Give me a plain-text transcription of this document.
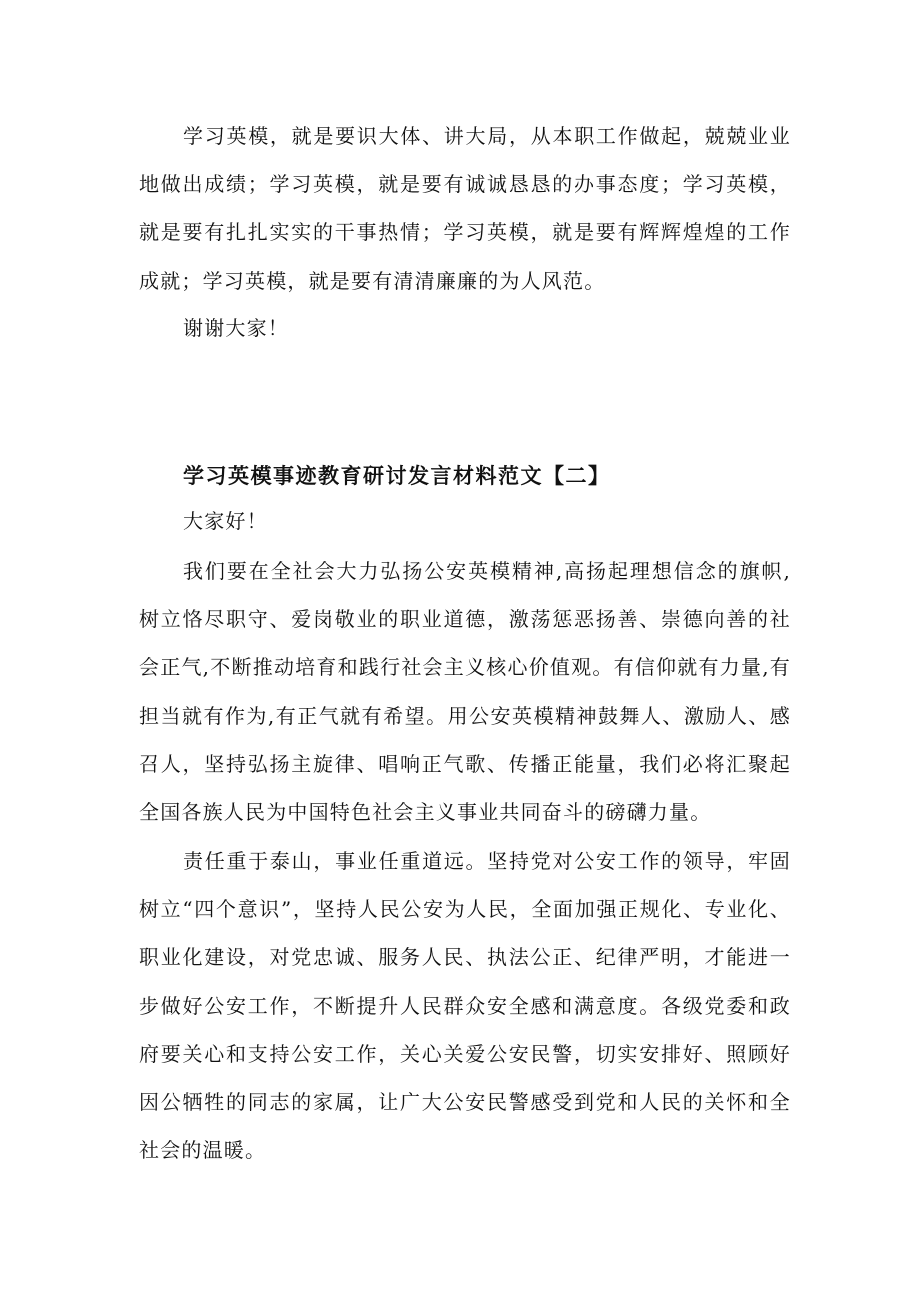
学习英模，就是要识大体、讲大局，从本职工作做起，兢兢业业地做出成绩；学习英模，就是要有诚诚恳恳的办事态度；学习英模，就是要有扎扎实实的干事热情；学习英模，就是要有辉辉煌煌的工作成就；学习英模，就是要有清清廉廉的为人风范。

谢谢大家！

学习英模事迹教育研讨发言材料范文【二】

大家好！

我们要在全社会大力弘扬公安英模精神,高扬起理想信念的旗帜,树立恪尽职守、爱岗敬业的职业道德，激荡惩恶扬善、崇德向善的社会正气,不断推动培育和践行社会主义核心价值观。有信仰就有力量,有担当就有作为,有正气就有希望。用公安英模精神鼓舞人、激励人、感召人，坚持弘扬主旋律、唱响正气歌、传播正能量，我们必将汇聚起全国各族人民为中国特色社会主义事业共同奋斗的磅礴力量。

责任重于泰山，事业任重道远。坚持党对公安工作的领导，牢固树立“四个意识”，坚持人民公安为人民，全面加强正规化、专业化、职业化建设，对党忠诚、服务人民、执法公正、纪律严明，才能进一步做好公安工作，不断提升人民群众安全感和满意度。各级党委和政府要关心和支持公安工作，关心关爱公安民警，切实安排好、照顾好因公牺牲的同志的家属，让广大公安民警感受到党和人民的关怀和全社会的温暖。
